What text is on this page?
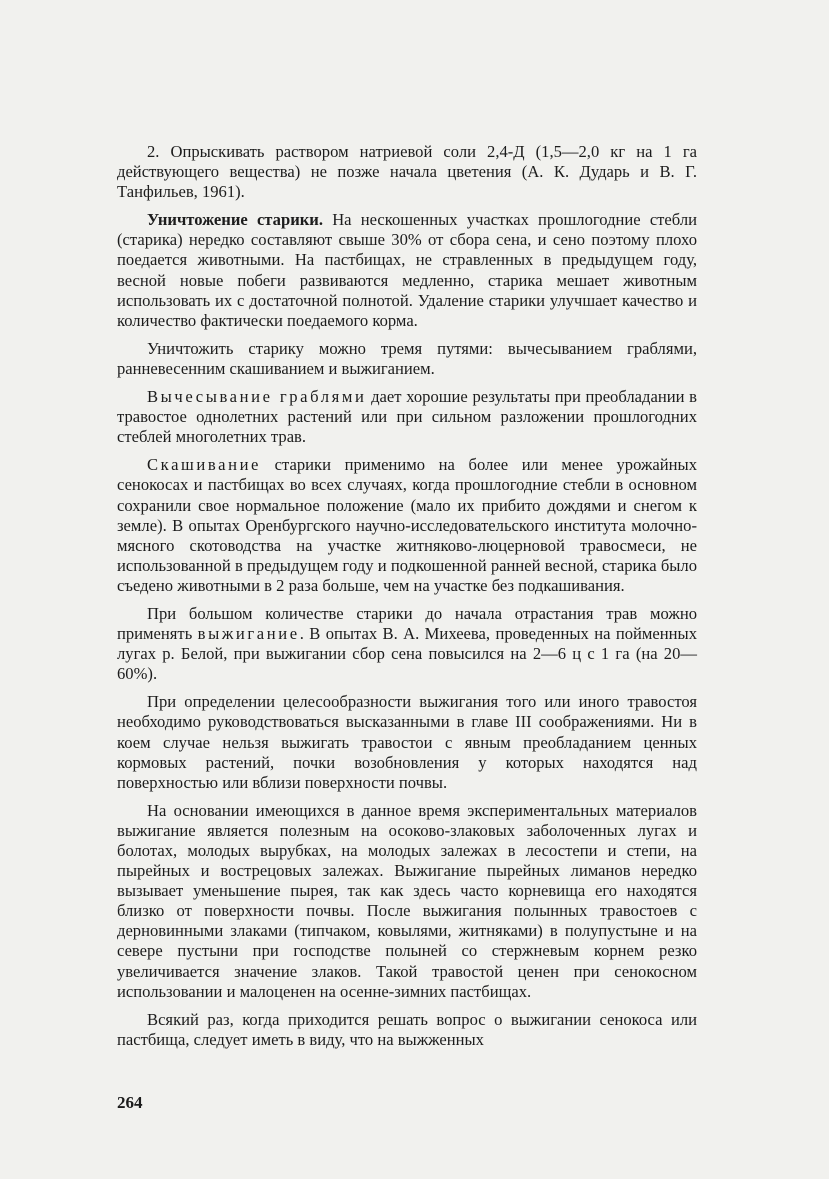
2. Опрыскивать раствором натриевой соли 2,4-Д (1,5—2,0 кг на 1 га действующего вещества) не позже начала цветения (А. К. Дударь и В. Г. Танфильев, 1961).

Уничтожение старики. На нескошенных участках прошлогодние стебли (старика) нередко составляют свыше 30% от сбора сена, и сено поэтому плохо поедается животными. На пастбищах, не стравленных в предыдущем году, весной новые побеги развиваются медленно, старика мешает животным использовать их с достаточной полнотой. Удаление старики улучшает качество и количество фактически поедаемого корма.

Уничтожить старику можно тремя путями: вычесыванием граблями, ранневесенним скашиванием и выжиганием.

Вычесывание граблями дает хорошие результаты при преобладании в травостое однолетних растений или при сильном разложении прошлогодних стеблей многолетних трав.

Скашивание старики применимо на более или менее урожайных сенокосах и пастбищах во всех случаях, когда прошлогодние стебли в основном сохранили свое нормальное положение (мало их прибито дождями и снегом к земле). В опытах Оренбургского научно-исследовательского института молочно-мясного скотоводства на участке житняково-люцерновой травосмеси, не использованной в предыдущем году и подкошенной ранней весной, старика было съедено животными в 2 раза больше, чем на участке без подкашивания.

При большом количестве старики до начала отрастания трав можно применять выжигание. В опытах В. А. Михеева, проведенных на пойменных лугах р. Белой, при выжигании сбор сена повысился на 2—6 ц с 1 га (на 20—60%).

При определении целесообразности выжигания того или иного травостоя необходимо руководствоваться высказанными в главе III соображениями. Ни в коем случае нельзя выжигать травостои с явным преобладанием ценных кормовых растений, почки возобновления у которых находятся над поверхностью или вблизи поверхности почвы.

На основании имеющихся в данное время экспериментальных материалов выжигание является полезным на осоково-злаковых заболоченных лугах и болотах, молодых вырубках, на молодых залежах в лесостепи и степи, на пырейных и вострецовых залежах. Выжигание пырейных лиманов нередко вызывает уменьшение пырея, так как здесь часто корневища его находятся близко от поверхности почвы. После выжигания полынных травостоев с дерновинными злаками (типчаком, ковылями, житняками) в полупустыне и на севере пустыни при господстве полыней со стержневым корнем резко увеличивается значение злаков. Такой травостой ценен при сенокосном использовании и малоценен на осенне-зимних пастбищах.

Всякий раз, когда приходится решать вопрос о выжигании сенокоса или пастбища, следует иметь в виду, что на выжженных

264
